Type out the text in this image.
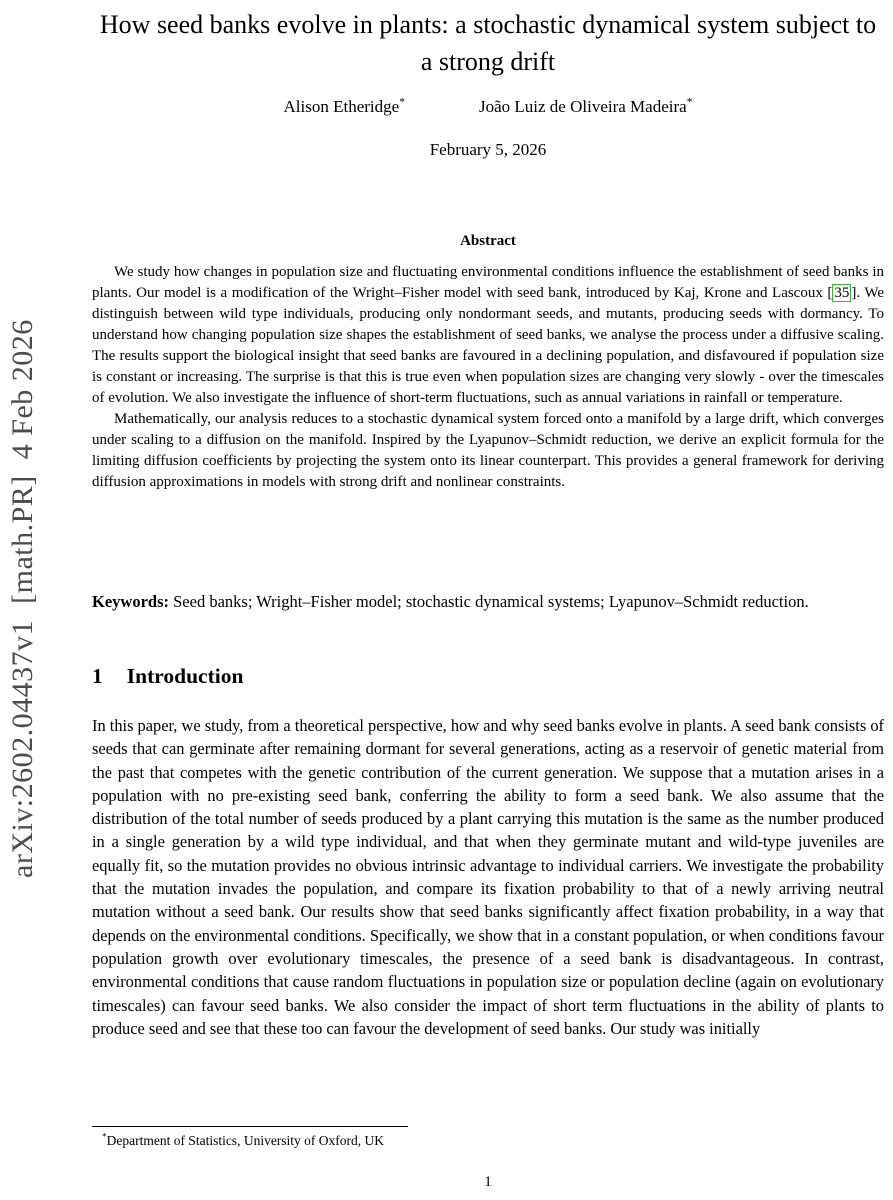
arXiv:2602.04437v1  [math.PR]  4 Feb 2026
How seed banks evolve in plants: a stochastic dynamical system subject to a strong drift
Alison Etheridge*	João Luiz de Oliveira Madeira*
February 5, 2026
Abstract

We study how changes in population size and fluctuating environmental conditions influence the establishment of seed banks in plants. Our model is a modification of the Wright–Fisher model with seed bank, introduced by Kaj, Krone and Lascoux [ 35 ]. We distinguish between wild type individuals, producing only nondormant seeds, and mutants, producing seeds with dormancy. To understand how changing population size shapes the establishment of seed banks, we analyse the process under a diffusive scaling. The results support the biological insight that seed banks are favoured in a declining population, and disfavoured if population size is constant or increasing. The surprise is that this is true even when population sizes are changing very slowly - over the timescales of evolution. We also investigate the influence of short-term fluctuations, such as annual variations in rainfall or temperature.

Mathematically, our analysis reduces to a stochastic dynamical system forced onto a manifold by a large drift, which converges under scaling to a diffusion on the manifold. Inspired by the Lyapunov–Schmidt reduction, we derive an explicit formula for the limiting diffusion coefficients by projecting the system onto its linear counterpart. This provides a general framework for deriving diffusion approximations in models with strong drift and nonlinear constraints.

Keywords: Seed banks; Wright–Fisher model; stochastic dynamical systems; Lyapunov–Schmidt reduction.

1 Introduction

In this paper, we study, from a theoretical perspective, how and why seed banks evolve in plants. A seed bank consists of seeds that can germinate after remaining dormant for several generations, acting as a reservoir of genetic material from the past that competes with the genetic contribution of the current generation. We suppose that a mutation arises in a population with no pre-existing seed bank, conferring the ability to form a seed bank. We also assume that the distribution of the total number of seeds produced by a plant carrying this mutation is the same as the number produced in a single generation by a wild type individual, and that when they germinate mutant and wild-type juveniles are equally fit, so the mutation provides no obvious intrinsic advantage to individual carriers. We investigate the probability that the mutation invades the population, and compare its fixation probability to that of a newly arriving neutral mutation without a seed bank. Our results show that seed banks significantly affect fixation probability, in a way that depends on the environmental conditions. Specifically, we show that in a constant population, or when conditions favour population growth over evolutionary timescales, the presence of a seed bank is disadvantageous. In contrast, environmental conditions that cause random fluctuations in population size or population decline (again on evolutionary timescales) can favour seed banks. We also consider the impact of short term fluctuations in the ability of plants to produce seed and see that these too can favour the development of seed banks. Our study was initially

*Department of Statistics, University of Oxford, UK

1
